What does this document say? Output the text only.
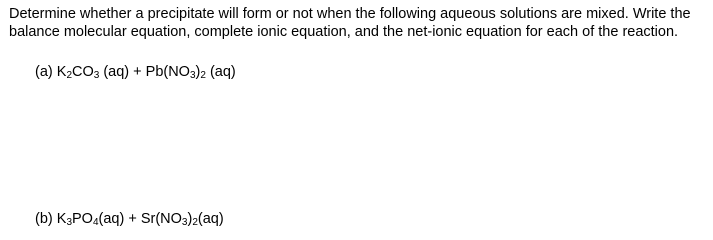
Determine whether a precipitate will form or not when the following aqueous solutions are mixed. Write the
balance molecular equation, complete ionic equation, and the net-ionic equation for each of the reaction.
(a) $K_2CO_3$ $(aq) + Pb(NO_3)_2$ (aq)
(b) $K_3PO_4(aq) + Sr(NO_3)_2(aq)$
